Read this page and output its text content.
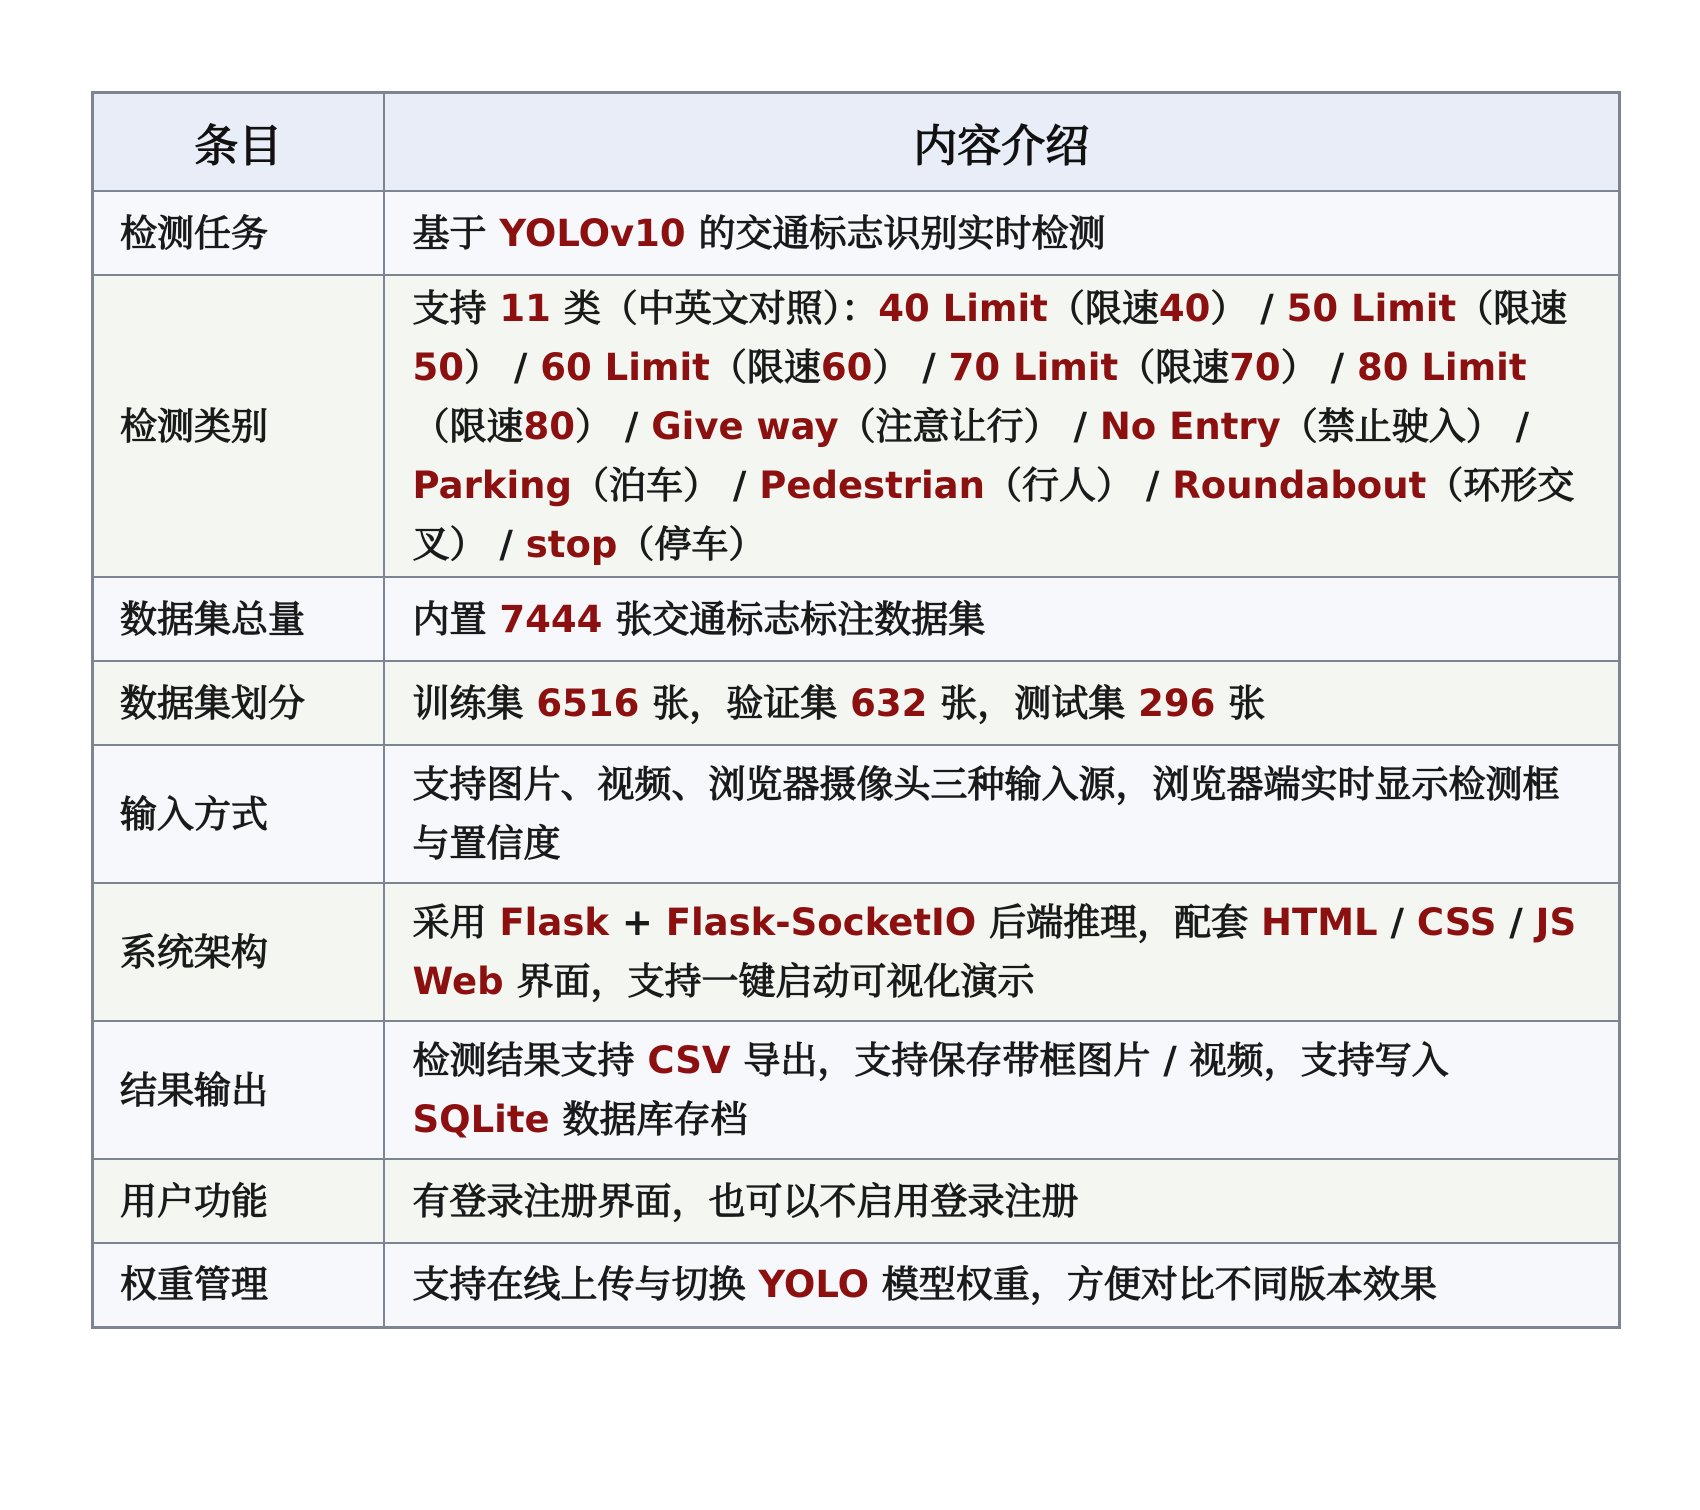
条目	内容介绍
检测任务	基于 YOLOv10 的交通标志识别实时检测
检测类别	支持 11 类（中英文对照）：40 Limit（限速40） / 50 Limit（限速50） / 60 Limit（限速60） / 70 Limit（限速70） / 80 Limit（限速80） / Give way（注意让行） / No Entry（禁止驶入） / Parking（泊车） / Pedestrian（行人） / Roundabout（环形交叉） / stop（停车）
数据集总量	内置 7444 张交通标志标注数据集
数据集划分	训练集 6516 张，验证集 632 张，测试集 296 张
输入方式	支持图片、视频、浏览器摄像头三种输入源，浏览器端实时显示检测框与置信度
系统架构	采用 Flask + Flask-SocketIO 后端推理，配套 HTML / CSS / JS Web 界面，支持一键启动可视化演示
结果输出	检测结果支持 CSV 导出，支持保存带框图片 / 视频，支持写入 SQLite 数据库存档
用户功能	有登录注册界面，也可以不启用登录注册
权重管理	支持在线上传与切换 YOLO 模型权重，方便对比不同版本效果
